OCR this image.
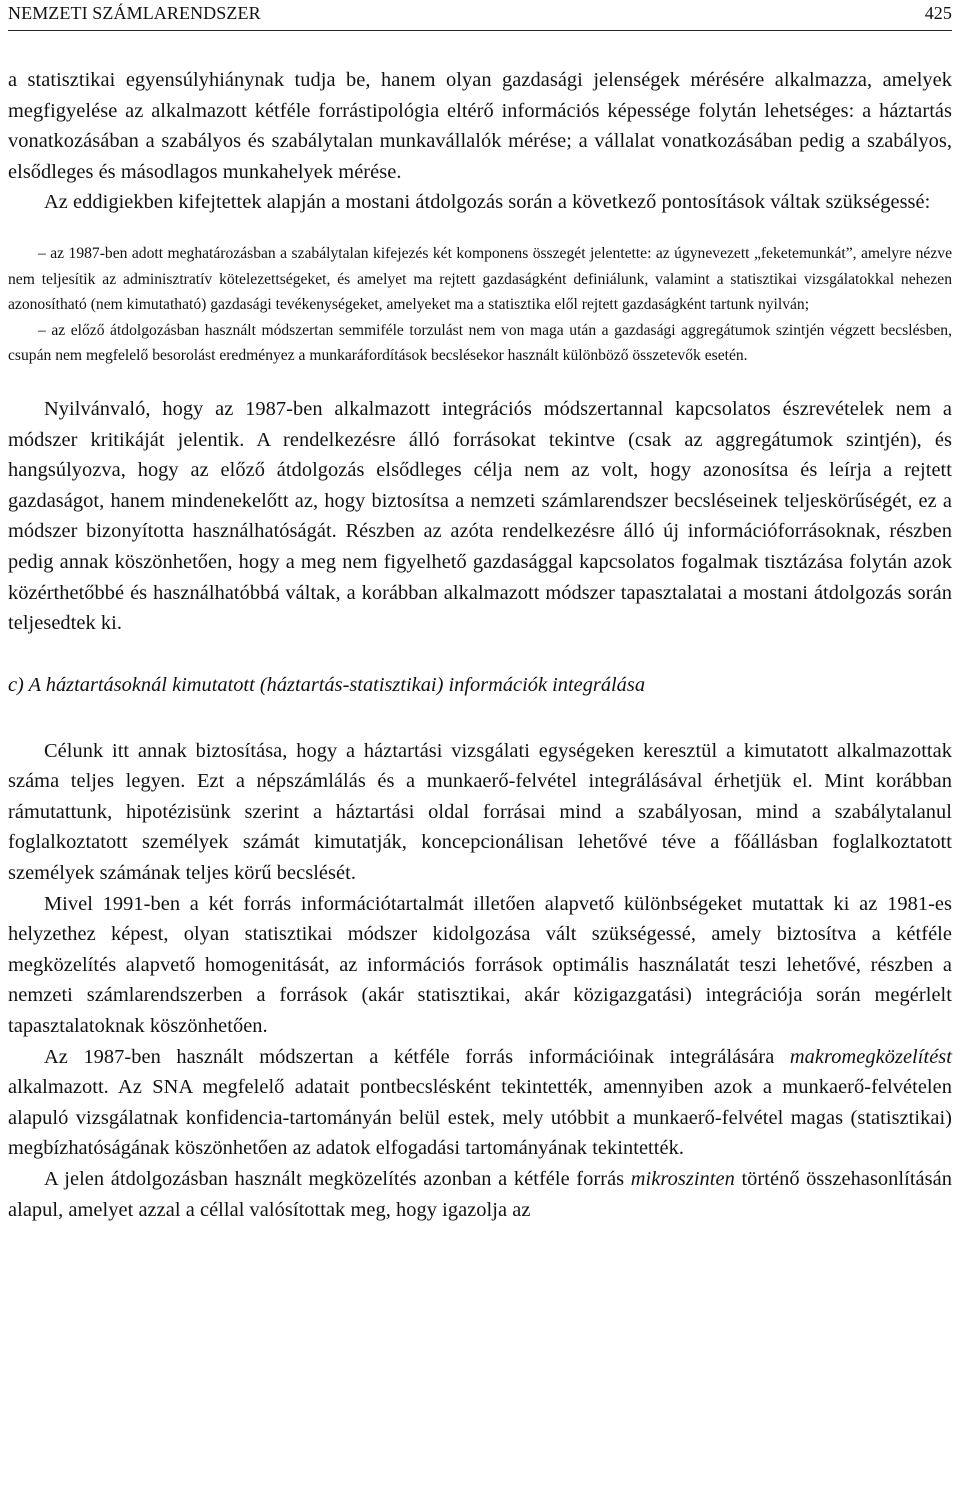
NEMZETI SZÁMLARENDSZER	425

a statisztikai egyensúlyhiánynak tudja be, hanem olyan gazdasági jelenségek mérésére alkalmazza, amelyek megfigyelése az alkalmazott kétféle forrástipológia eltérő információs képessége folytán lehetséges: a háztartás vonatkozásában a szabályos és szabálytalan munkavállalók mérése; a vállalat vonatkozásában pedig a szabályos, elsődleges és másodlagos munkahelyek mérése.

Az eddigiekben kifejtettek alapján a mostani átdolgozás során a következő pontosítások váltak szükségessé:

– az 1987-ben adott meghatározásban a szabálytalan kifejezés két komponens összegét jelentette: az úgynevezett „feketemunkát”, amelyre nézve nem teljesítik az adminisztratív kötelezettségeket, és amelyet ma rejtett gazdaságként definiálunk, valamint a statisztikai vizsgálatokkal nehezen azonosítható (nem kimutatható) gazdasági tevékenységeket, amelyeket ma a statisztika elől rejtett gazdaságként tartunk nyilván;

– az előző átdolgozásban használt módszertan semmiféle torzulást nem von maga után a gazdasági aggregátumok szintjén végzett becslésben, csupán nem megfelelő besorolást eredményez a munkaráfordítások becslésekor használt különböző összetevők esetén.

Nyilvánvaló, hogy az 1987-ben alkalmazott integrációs módszertannal kapcsolatos észrevételek nem a módszer kritikáját jelentik. A rendelkezésre álló forrásokat tekintve (csak az aggregátumok szintjén), és hangsúlyozva, hogy az előző átdolgozás elsődleges célja nem az volt, hogy azonosítsa és leírja a rejtett gazdaságot, hanem mindenekelőtt az, hogy biztosítsa a nemzeti számlarendszer becsléseinek teljeskörűségét, ez a módszer bizonyította használhatóságát. Részben az azóta rendelkezésre álló új információforrásoknak, részben pedig annak köszönhetően, hogy a meg nem figyelhető gazdasággal kapcsolatos fogalmak tisztázása folytán azok közérthetőbbé és használhatóbbá váltak, a korábban alkalmazott módszer tapasztalatai a mostani átdolgozás során teljesedtek ki.

c) A háztartásoknál kimutatott (háztartás-statisztikai) információk integrálása

Célunk itt annak biztosítása, hogy a háztartási vizsgálati egységeken keresztül a kimutatott alkalmazottak száma teljes legyen. Ezt a népszámlálás és a munkaerő-felvétel integrálásával érhetjük el. Mint korábban rámutattunk, hipotézisünk szerint a háztartási oldal forrásai mind a szabályosan, mind a szabálytalanul foglalkoztatott személyek számát kimutatják, koncepcionálisan lehetővé téve a főállásban foglalkoztatott személyek számának teljes körű becslését.

Mivel 1991-ben a két forrás információtartalmát illetően alapvető különbségeket mutattak ki az 1981-es helyzethez képest, olyan statisztikai módszer kidolgozása vált szükségessé, amely biztosítva a kétféle megközelítés alapvető homogenitását, az információs források optimális használatát teszi lehetővé, részben a nemzeti számlarendszerben a források (akár statisztikai, akár közigazgatási) integrációja során megérlelt tapasztalatoknak köszönhetően.

Az 1987-ben használt módszertan a kétféle forrás információinak integrálására makromegközelítést alkalmazott. Az SNA megfelelő adatait pontbecslésként tekintették, amennyiben azok a munkaerő-felvételen alapuló vizsgálatnak konfidencia-tartományán belül estek, mely utóbbit a munkaerő-felvétel magas (statisztikai) megbízhatóságának köszönhetően az adatok elfogadási tartományának tekintették.

A jelen átdolgozásban használt megközelítés azonban a kétféle forrás mikroszinten történő összehasonlításán alapul, amelyet azzal a céllal valósítottak meg, hogy igazolja az
